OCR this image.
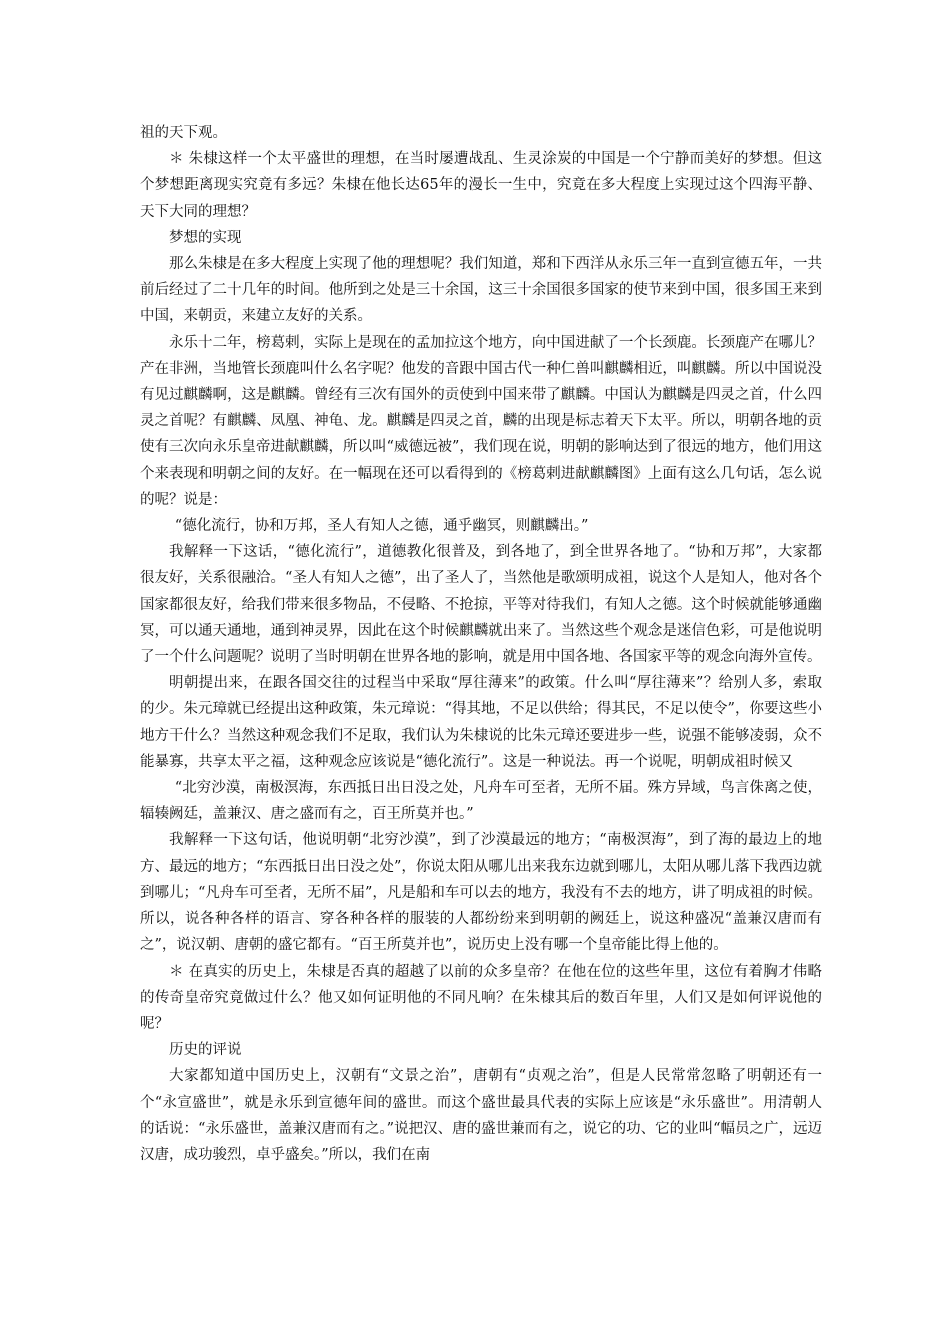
祖的天下观。

＊ 朱棣这样一个太平盛世的理想，在当时屡遭战乱、生灵涂炭的中国是一个宁静而美好的梦想。但这个梦想距离现实究竟有多远？朱棣在他长达65年的漫长一生中，究竟在多大程度上实现过这个四海平静、天下大同的理想？

梦想的实现

那么朱棣是在多大程度上实现了他的理想呢？我们知道，郑和下西洋从永乐三年一直到宣德五年，一共前后经过了二十几年的时间。他所到之处是三十余国，这三十余国很多国家的使节来到中国，很多国王来到中国，来朝贡，来建立友好的关系。

永乐十二年，榜葛剌，实际上是现在的孟加拉这个地方，向中国进献了一个长颈鹿。长颈鹿产在哪儿？产在非洲，当地管长颈鹿叫什么名字呢？他发的音跟中国古代一种仁兽叫麒麟相近，叫麒麟。所以中国说没有见过麒麟啊，这是麒麟。曾经有三次有国外的贡使到中国来带了麒麟。中国认为麒麟是四灵之首，什么四灵之首呢？有麒麟、凤凰、神龟、龙。麒麟是四灵之首，麟的出现是标志着天下太平。所以，明朝各地的贡使有三次向永乐皇帝进献麒麟，所以叫“威德远被”，我们现在说，明朝的影响达到了很远的地方，他们用这个来表现和明朝之间的友好。在一幅现在还可以看得到的《榜葛剌进献麒麟图》上面有这么几句话，怎么说的呢？说是：

“德化流行，协和万邦，圣人有知人之德，通乎幽冥，则麒麟出。”

我解释一下这话，“德化流行”，道德教化很普及，到各地了，到全世界各地了。“协和万邦”，大家都很友好，关系很融洽。“圣人有知人之德”，出了圣人了，当然他是歌颂明成祖，说这个人是知人，他对各个国家都很友好，给我们带来很多物品，不侵略、不抢掠，平等对待我们，有知人之德。这个时候就能够通幽冥，可以通天通地，通到神灵界，因此在这个时候麒麟就出来了。当然这些个观念是迷信色彩，可是他说明了一个什么问题呢？说明了当时明朝在世界各地的影响，就是用中国各地、各国家平等的观念向海外宣传。

明朝提出来，在跟各国交往的过程当中采取“厚往薄来”的政策。什么叫“厚往薄来”？给别人多，索取的少。朱元璋就已经提出这种政策，朱元璋说：“得其地，不足以供给；得其民，不足以使令”，你要这些小地方干什么？当然这种观念我们不足取，我们认为朱棣说的比朱元璋还要进步一些，说强不能够凌弱，众不能暴寡，共享太平之福，这种观念应该说是“德化流行”。这是一种说法。再一个说呢，明朝成祖时候又

“北穷沙漠，南极溟海，东西抵日出日没之处，凡舟车可至者，无所不届。殊方异域，鸟言侏离之使，辐辏阙廷，盖兼汉、唐之盛而有之，百王所莫并也。”

我解释一下这句话，他说明朝“北穷沙漠”，到了沙漠最远的地方；“南极溟海”，到了海的最边上的地方、最远的地方；“东西抵日出日没之处”，你说太阳从哪儿出来我东边就到哪儿，太阳从哪儿落下我西边就到哪儿；“凡舟车可至者，无所不届”，凡是船和车可以去的地方，我没有不去的地方，讲了明成祖的时候。所以，说各种各样的语言、穿各种各样的服装的人都纷纷来到明朝的阙廷上，说这种盛况“盖兼汉唐而有之”，说汉朝、唐朝的盛它都有。“百王所莫并也”，说历史上没有哪一个皇帝能比得上他的。

＊ 在真实的历史上，朱棣是否真的超越了以前的众多皇帝？在他在位的这些年里，这位有着胸才伟略的传奇皇帝究竟做过什么？他又如何证明他的不同凡响？在朱棣其后的数百年里，人们又是如何评说他的呢？

历史的评说

大家都知道中国历史上，汉朝有“文景之治”，唐朝有“贞观之治”，但是人民常常忽略了明朝还有一个“永宣盛世”，就是永乐到宣德年间的盛世。而这个盛世最具代表的实际上应该是“永乐盛世”。用清朝人的话说：“永乐盛世，盖兼汉唐而有之。”说把汉、唐的盛世兼而有之，说它的功、它的业叫“幅员之广，远迈汉唐，成功骏烈，卓乎盛矣。”所以，我们在南
